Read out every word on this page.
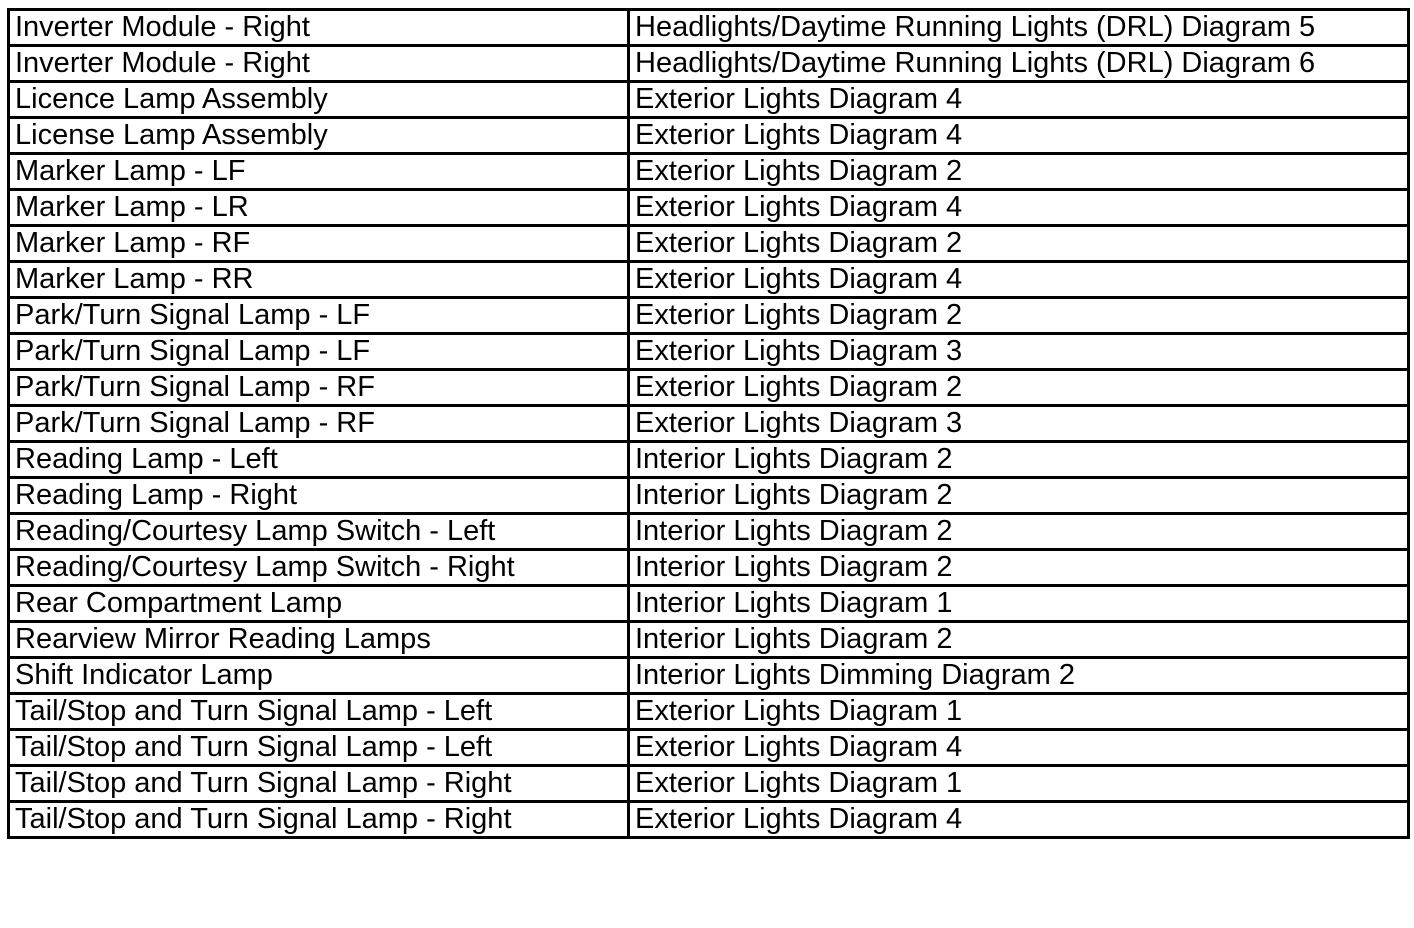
Inverter Module - Right	Headlights/Daytime Running Lights (DRL) Diagram 5
Inverter Module - Right	Headlights/Daytime Running Lights (DRL) Diagram 6
Licence Lamp Assembly	Exterior Lights Diagram 4
License Lamp Assembly	Exterior Lights Diagram 4
Marker Lamp - LF	Exterior Lights Diagram 2
Marker Lamp - LR	Exterior Lights Diagram 4
Marker Lamp - RF	Exterior Lights Diagram 2
Marker Lamp - RR	Exterior Lights Diagram 4
Park/Turn Signal Lamp - LF	Exterior Lights Diagram 2
Park/Turn Signal Lamp - LF	Exterior Lights Diagram 3
Park/Turn Signal Lamp - RF	Exterior Lights Diagram 2
Park/Turn Signal Lamp - RF	Exterior Lights Diagram 3
Reading Lamp - Left	Interior Lights Diagram 2
Reading Lamp - Right	Interior Lights Diagram 2
Reading/Courtesy Lamp Switch - Left	Interior Lights Diagram 2
Reading/Courtesy Lamp Switch - Right	Interior Lights Diagram 2
Rear Compartment Lamp	Interior Lights Diagram 1
Rearview Mirror Reading Lamps	Interior Lights Diagram 2
Shift Indicator Lamp	Interior Lights Dimming Diagram 2
Tail/Stop and Turn Signal Lamp - Left	Exterior Lights Diagram 1
Tail/Stop and Turn Signal Lamp - Left	Exterior Lights Diagram 4
Tail/Stop and Turn Signal Lamp - Right	Exterior Lights Diagram 1
Tail/Stop and Turn Signal Lamp - Right	Exterior Lights Diagram 4
